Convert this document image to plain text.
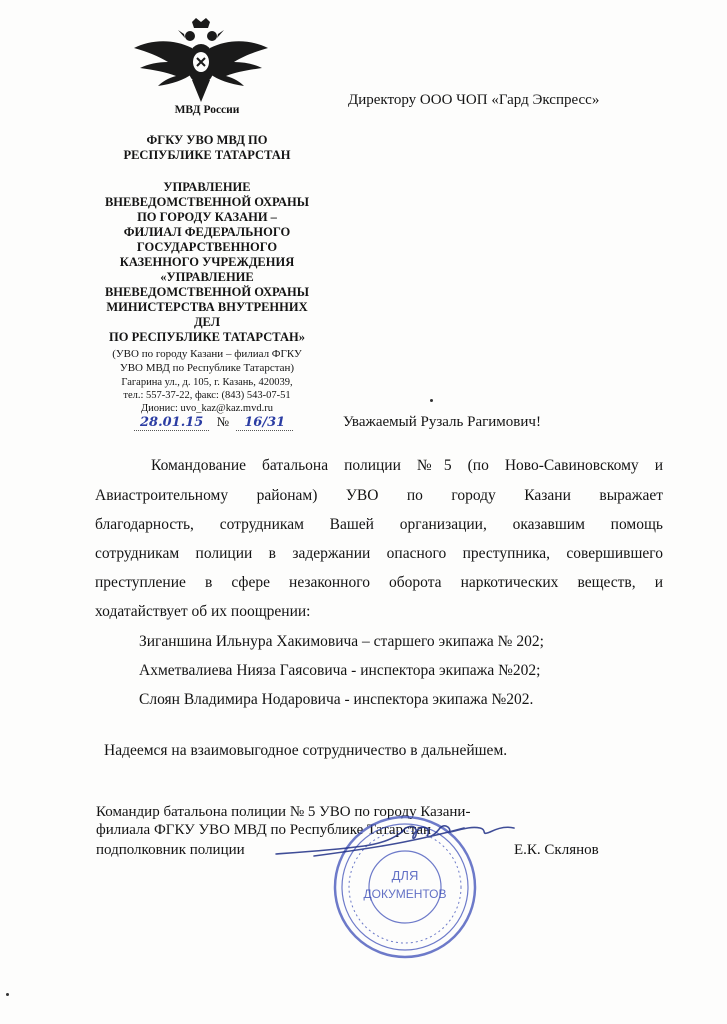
МВД России
ФГКУ УВО МВД ПО
РЕСПУБЛИКЕ ТАТАРСТАН
УПРАВЛЕНИЕ
ВНЕВЕДОМСТВЕННОЙ ОХРАНЫ
ПО ГОРОДУ КАЗАНИ –
ФИЛИАЛ ФЕДЕРАЛЬНОГО
ГОСУДАРСТВЕННОГО
КАЗЕННОГО УЧРЕЖДЕНИЯ
«УПРАВЛЕНИЕ
ВНЕВЕДОМСТВЕННОЙ ОХРАНЫ
МИНИСТЕРСТВА ВНУТРЕННИХ
ДЕЛ
ПО РЕСПУБЛИКЕ ТАТАРСТАН»
(УВО по городу Казани – филиал ФГКУ
УВО МВД по Республике Татарстан)
Гагарина ул., д. 105, г. Казань, 420039,
тел.: 557-37-22, факс: (843) 543-07-51
Дионис: uvo_kaz@kaz.mvd.ru
28.01.15 № 16/31
Директору ООО ЧОП «Гард Экспресс»
Уважаемый Рузаль Рагимович!
Командование батальона полиции №5 (по Ново-Савиновскому и
Авиастроительному районам) УВО по городу Казани выражает
благодарность, сотрудникам Вашей организации, оказавшим помощь
сотрудникам полиции в задержании опасного преступника, совершившего
преступление в сфере незаконного оборота наркотических веществ, и
ходатайствует об их поощрении:
Зиганшина Ильнура Хакимовича – старшего экипажа № 202;
Ахметвалиева Нияза Гаясовича - инспектора экипажа №202;
Слоян Владимира Нодаровича - инспектора экипажа №202.
Надеемся на взаимовыгодное сотрудничество в дальнейшем.
Командир батальона полиции № 5 УВО по городу Казани-
филиала ФГКУ УВО МВД по Республике Татарстан
подполковник полиции	Е.К. Склянов
ДЛЯ
ДОКУМЕНТОВ
